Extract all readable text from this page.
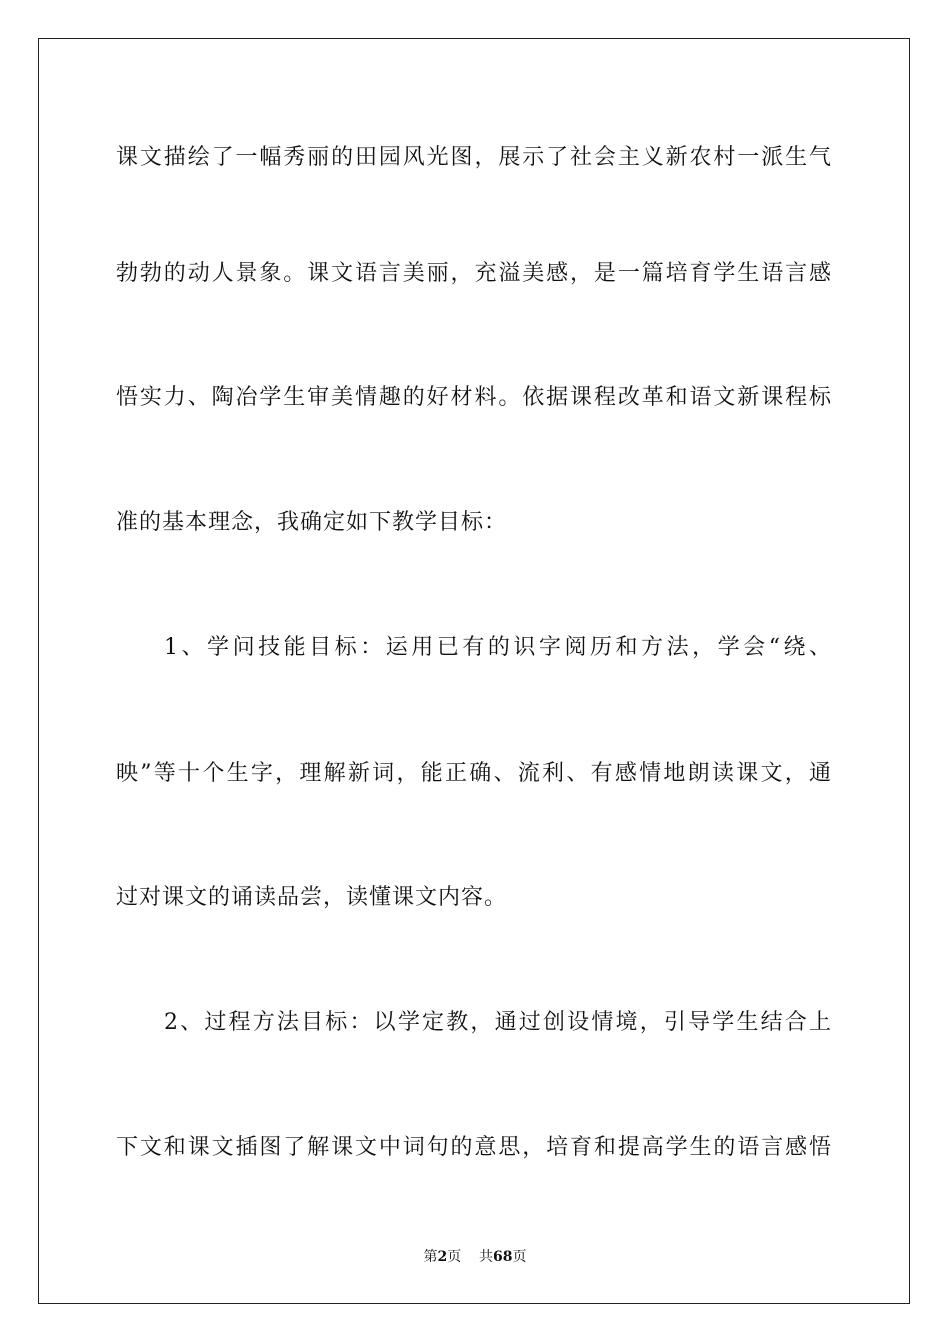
课文描绘了一幅秀丽的田园风光图，展示了社会主义新农村一派生气
勃勃的动人景象。课文语言美丽，充溢美感，是一篇培育学生语言感
悟实力、陶冶学生审美情趣的好材料。依据课程改革和语文新课程标
准的基本理念，我确定如下教学目标：
1、学问技能目标：运用已有的识字阅历和方法，学会“绕、
映”等十个生字，理解新词，能正确、流利、有感情地朗读课文，通
过对课文的诵读品尝，读懂课文内容。
2、过程方法目标：以学定教，通过创设情境，引导学生结合上
下文和课文插图了解课文中词句的意思，培育和提高学生的语言感悟
第2页 共68页
